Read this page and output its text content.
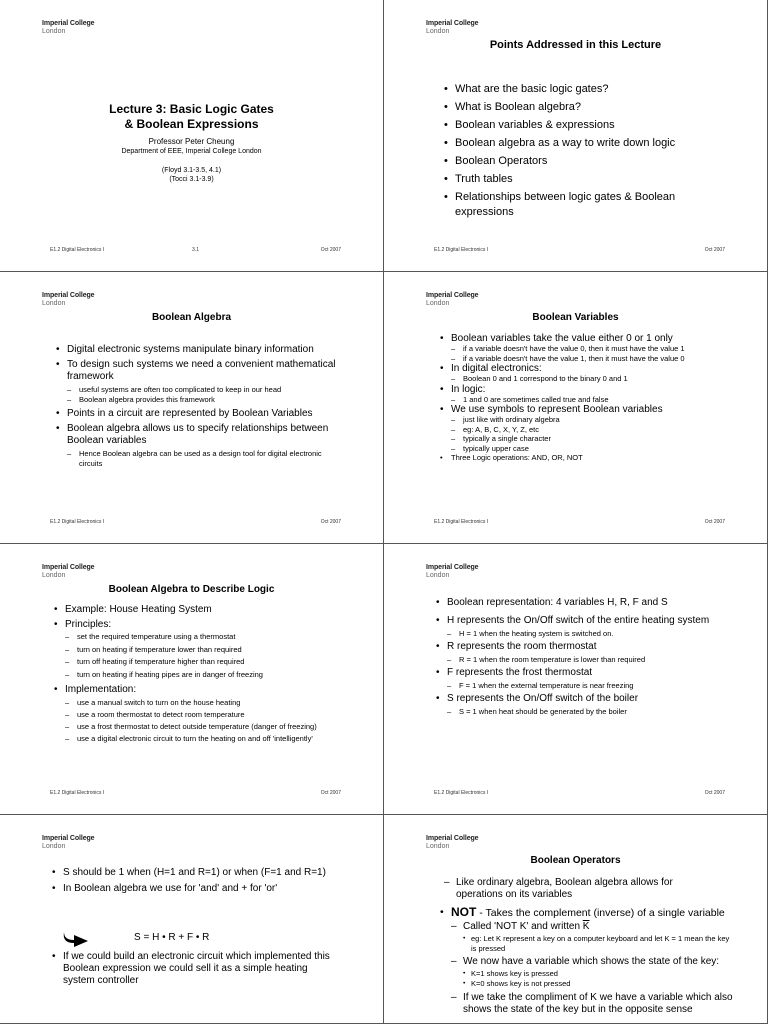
Imperial College
London
Lecture 3: Basic Logic Gates
& Boolean Expressions
Professor Peter Cheung
Department of EEE, Imperial College London
(Floyd 3.1-3.5, 4.1)
(Tocci 3.1-3.9)
E1.2 Digital Electronics I	3.1	Oct 2007
Imperial College
London
Points Addressed in this Lecture
• What are the basic logic gates?
• What is Boolean algebra?
• Boolean variables & expressions
• Boolean algebra as a way to write down logic
• Boolean Operators
• Truth tables
• Relationships between logic gates & Boolean expressions
E1.2 Digital Electronics I	Oct 2007
Imperial College
London
Boolean Algebra
• Digital electronic systems manipulate binary information
• To design such systems we need a convenient mathematical framework
– useful systems are often too complicated to keep in our head
– Boolean algebra provides this framework
• Points in a circuit are represented by Boolean Variables
• Boolean algebra allows us to specify relationships between Boolean variables
– Hence Boolean algebra can be used as a design tool for digital electronic circuits
E1.2 Digital Electronics I	Oct 2007
Imperial College
London
Boolean Variables
• Boolean variables take the value either 0 or 1 only
– if a variable doesn't have the value 0, then it must have the value 1
– if a variable doesn't have the value 1, then it must have the value 0
• In digital electronics:
– Boolean 0 and 1 correspond to the binary 0 and 1
• In logic:
– 1 and 0 are sometimes called true and false
• We use symbols to represent Boolean variables
– just like with ordinary algebra
– eg: A, B, C, X, Y, Z, etc
– typically a single character
– typically upper case
• Three Logic operations: AND, OR, NOT
E1.2 Digital Electronics I	Oct 2007
Imperial College
London
Boolean Algebra to Describe Logic
• Example: House Heating System
• Principles:
– set the required temperature using a thermostat
– turn on heating if temperature lower than required
– turn off heating if temperature higher than required
– turn on heating if heating pipes are in danger of freezing
• Implementation:
– use a manual switch to turn on the house heating
– use a room thermostat to detect room temperature
– use a frost thermostat to detect outside temperature (danger of freezing)
– use a digital electronic circuit to turn the heating on and off 'intelligently'
E1.2 Digital Electronics I	Oct 2007
Imperial College
London
• Boolean representation: 4 variables H, R, F and S
• H represents the On/Off switch of the entire heating system
– H = 1 when the heating system is switched on.
• R represents the room thermostat
– R = 1 when the room temperature is lower than required
• F represents the frost thermostat
– F = 1 when the external temperature is near freezing
• S represents the On/Off switch of the boiler
– S = 1 when heat should be generated by the boiler
E1.2 Digital Electronics I	Oct 2007
Imperial College
London
• S should be 1 when (H=1 and R=1) or when (F=1 and R=1)
• In Boolean algebra we use for 'and' and + for 'or'
S = H • R + F • R
• If we could build an electronic circuit which implemented this Boolean expression we could sell it as a simple heating system controller
Imperial College
London
Boolean Operators
– Like ordinary algebra, Boolean algebra allows for operations on its variables
• NOT - Takes the complement (inverse) of a single variable
– Called 'NOT K' and written $\overline{K}$
• eg: Let K represent a key on a computer keyboard and let K = 1 mean the key is pressed
– We now have a variable which shows the state of the key:
• K=1 shows key is pressed
• K=0 shows key is not pressed
– If we take the compliment of K we have a variable which also shows the state of the key but in the opposite sense
